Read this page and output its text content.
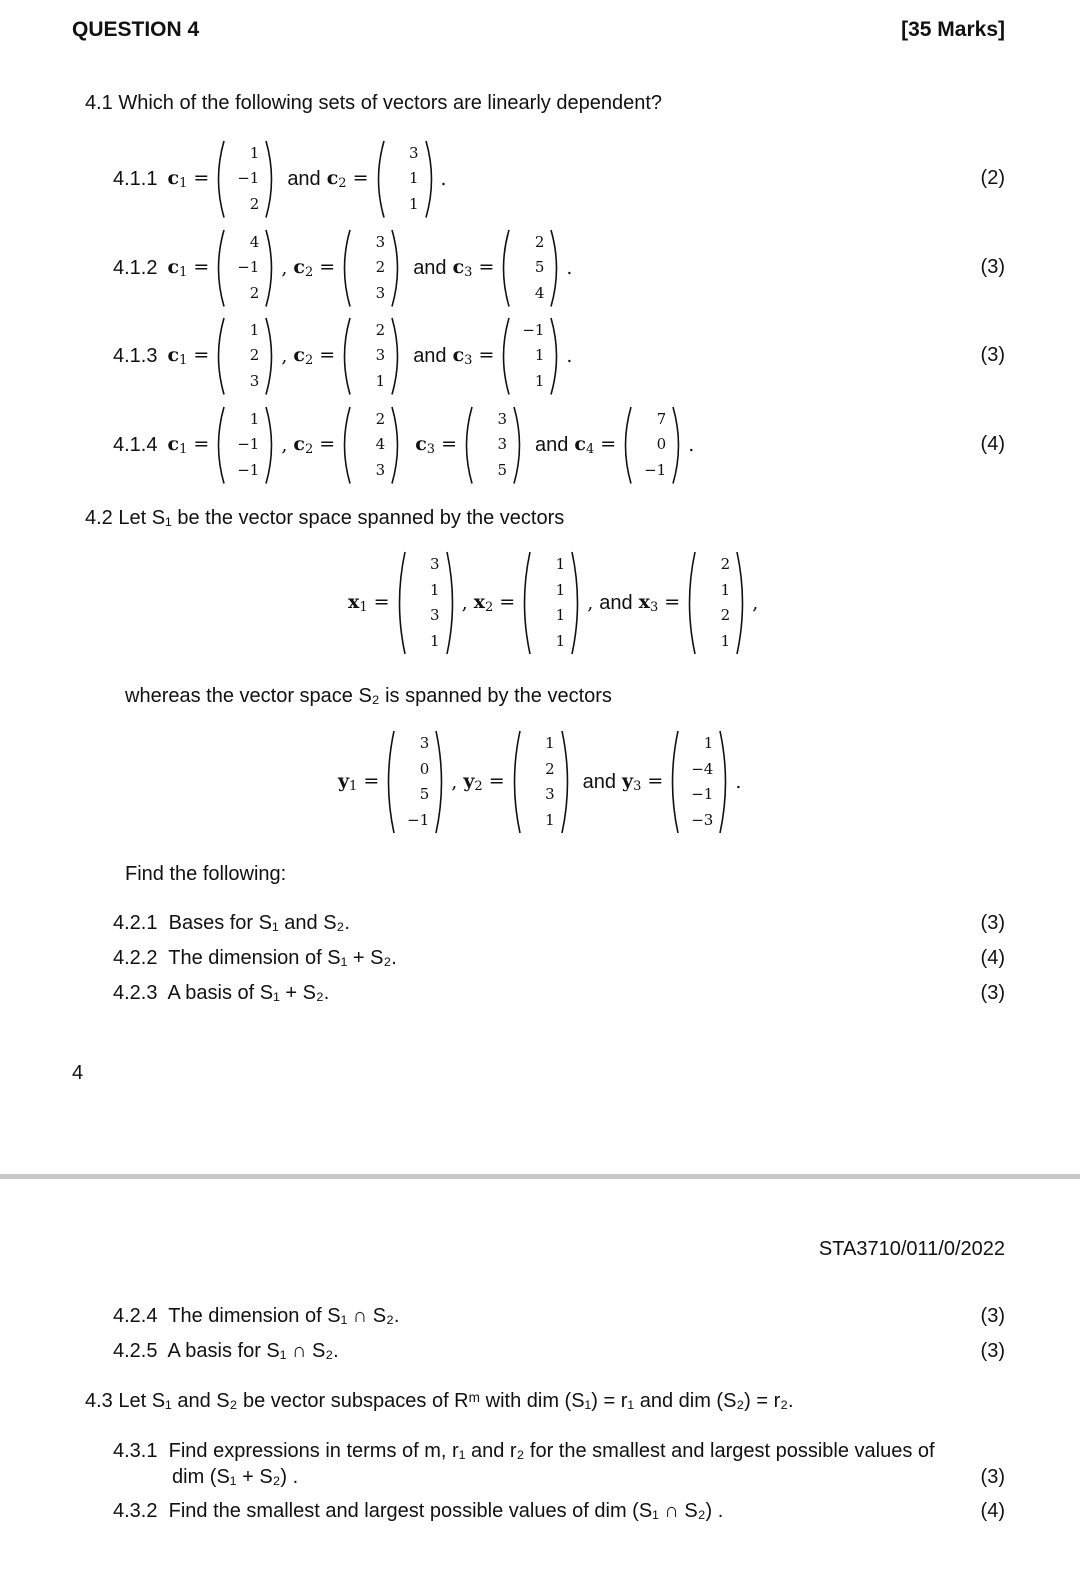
QUESTION 4	[35 Marks]
4.1 Which of the following sets of vectors are linearly dependent?
4.1.1 $c_1$ =
1
−1
2
and $c_2$ =
3
1
1
.	(2)
4.1.2 $c_1$ =
4
−1
2
, $c_2$ =
3
2
3
and $c_3$ =
2
5
4
.	(3)
4.1.3 $c_1$ =
1
2
3
, $c_2$ =
2
3
1
and $c_3$ =
−1
1
1
.	(3)
4.1.4 $c_1$ =
1
−1
−1
, $c_2$ =
2
4
3
$c_3$ =
3
3
5
and $c_4$ =
7
0
−1
.	(4)
4.2 Let S₁ be the vector space spanned by the vectors
$x_1$ =
3
1
3
1
, $x_2$ =
1
1
1
1
, and $x_3$ =
2
1
2
1
,
whereas the vector space S₂ is spanned by the vectors
$y_1$ =
3
0
5
−1
, $y_2$ =
1
2
3
1
and $y_3$ =
1
−4
−1
−3
.
Find the following:
4.2.1 Bases for S₁ and S₂.	(3)
4.2.2 The dimension of S₁ + S₂.	(4)
4.2.3 A basis of S₁ + S₂.	(3)
4
STA3710/011/0/2022
4.2.4 The dimension of S₁ ∩ S₂.	(3)
4.2.5 A basis for S₁ ∩ S₂.	(3)
4.3 Let S₁ and S₂ be vector subspaces of Rᵐ with dim (S₁) = r₁ and dim (S₂) = r₂.
4.3.1 Find expressions in terms of m, r₁ and r₂ for the smallest and largest possible values of
dim (S₁ + S₂) .	(3)
4.3.2 Find the smallest and largest possible values of dim (S₁ ∩ S₂) .	(4)
